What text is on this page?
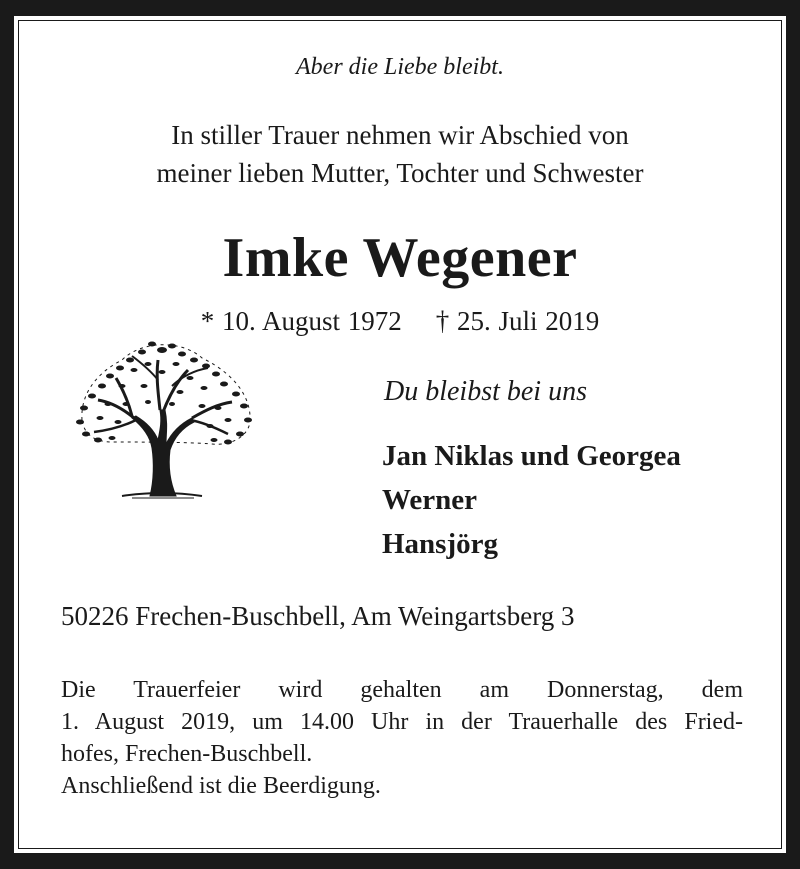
Aber die Liebe bleibt.
In stiller Trauer nehmen wir Abschied von
meiner lieben Mutter, Tochter und Schwester
Imke Wegener
* 10. August 1972 † 25. Juli 2019
Du bleibst bei uns
Jan Niklas und Georgea
Werner
Hansjörg
50226 Frechen-Buschbell, Am Weingartsberg 3
Die Trauerfeier wird gehalten am Donnerstag, dem
1. August 2019, um 14.00 Uhr in der Trauerhalle des Fried-
hofes, Frechen-Buschbell.
Anschließend ist die Beerdigung.
